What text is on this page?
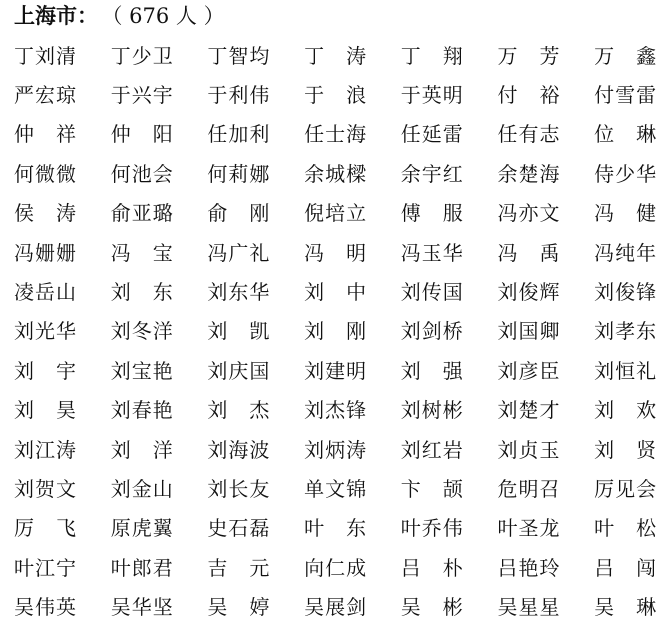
上海市： （ 676 人 ）
丁 刘 清 丁 少 卫 丁 智 均 丁 涛 丁 翔 万 芳 万 鑫
严 宏 琼 于 兴 宇 于 利 伟 于 浪 于 英 明 付 裕 付 雪 雷
仲 祥 仲 阳 任 加 利 任 士 海 任 延 雷 任 有 志 位 琳
何 微 微 何 池 会 何 莉 娜 余 城 樑 余 宇 红 余 楚 海 侍 少 华
侯 涛 俞 亚 璐 俞 刚 倪 培 立 傅 服 冯 亦 文 冯 健
冯 姗 姗 冯 宝 冯 广 礼 冯 明 冯 玉 华 冯 禹 冯 纯 年
凌 岳 山 刘 东 刘 东 华 刘 中 刘 传 国 刘 俊 辉 刘 俊 锋
刘 光 华 刘 冬 洋 刘 凯 刘 刚 刘 剑 桥 刘 国 卿 刘 孝 东
刘 宇 刘 宝 艳 刘 庆 国 刘 建 明 刘 强 刘 彦 臣 刘 恒 礼
刘 昊 刘 春 艳 刘 杰 刘 杰 锋 刘 树 彬 刘 楚 才 刘 欢
刘 江 涛 刘 洋 刘 海 波 刘 炳 涛 刘 红 岩 刘 贞 玉 刘 贤
刘 贺 文 刘 金 山 刘 长 友 单 文 锦 卞 颉 危 明 召 厉 见 会
厉 飞 原 虎 翼 史 石 磊 叶 东 叶 乔 伟 叶 圣 龙 叶 松
叶 江 宁 叶 郎 君 吉 元 向 仁 成 吕 朴 吕 艳 玲 吕 闯
吴 伟 英 吴 华 坚 吴 婷 吴 展 剑 吴 彬 吴 星 星 吴 琳
